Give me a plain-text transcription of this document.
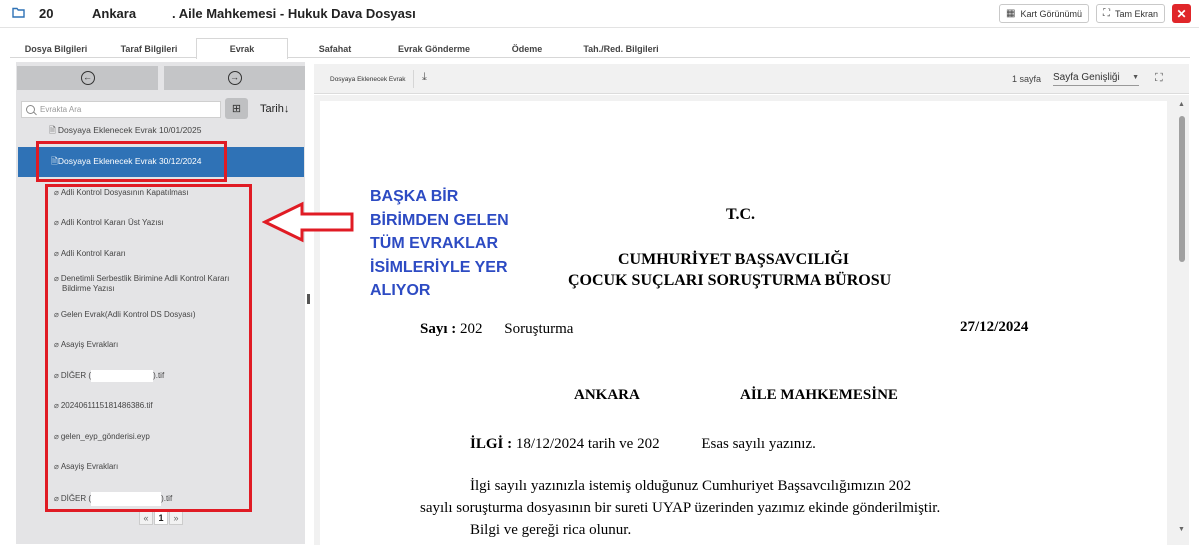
20	Ankara	. Aile Mahkemesi - Hukuk Dava Dosyası	▦ Kart Görünümü ⛶ Tam Ekran ✕
Dosya Bilgileri	Taraf Bilgileri	Evrak	Safahat	Evrak Gönderme	Ödeme	Tah./Red. Bilgileri
←	→
Evrakta Ara	⊞ Tarih↓
🗎 Dosyaya Eklenecek Evrak 10/01/2025
🗎Dosyaya Eklenecek Evrak 30/12/2024
⌀ Adli Kontrol Dosyasının Kapatılması
⌀ Adli Kontrol Kararı Üst Yazısı
⌀ Adli Kontrol Kararı
⌀ Denetimli Serbestlik Birimine Adli Kontrol Kararı
Bildirme Yazısı
⌀ Gelen Evrak(Adli Kontrol DS Dosyası)
⌀ Asayiş Evrakları
⌀ DİĞER (	).tif
⌀ 20240611151814863​86.tif
⌀ gelen_eyp_gönderisi.eyp
⌀ Asayiş Evrakları
⌀ DİĞER (	).tif
«	1	»
Dosyaya Eklenecek Evrak ⤓	1 sayfa Sayfa Genişliği ▼ ⛶
T.C.
CUMHURİYET BAŞSAVCILIĞI
ÇOCUK SUÇLARI SORUŞTURMA BÜROSU
Sayı : 202 Soruşturma	27/12/2024
ANKARA	AİLE MAHKEMESİNE
İLGİ : 18/12/2024 tarih ve 202	Esas sayılı yazınız.
İlgi sayılı yazınızla istemiş olduğunuz Cumhuriyet Başsavcılığımızın 202
sayılı soruşturma dosyasının bir sureti UYAP üzerinden yazımız ekinde gönderilmiştir.
Bilgi ve gereği rica olunur.
▲
▼
BAŞKA BİR
BİRİMDEN GELEN
TÜM EVRAKLAR
İSİMLERİYLE YER
ALIYOR
